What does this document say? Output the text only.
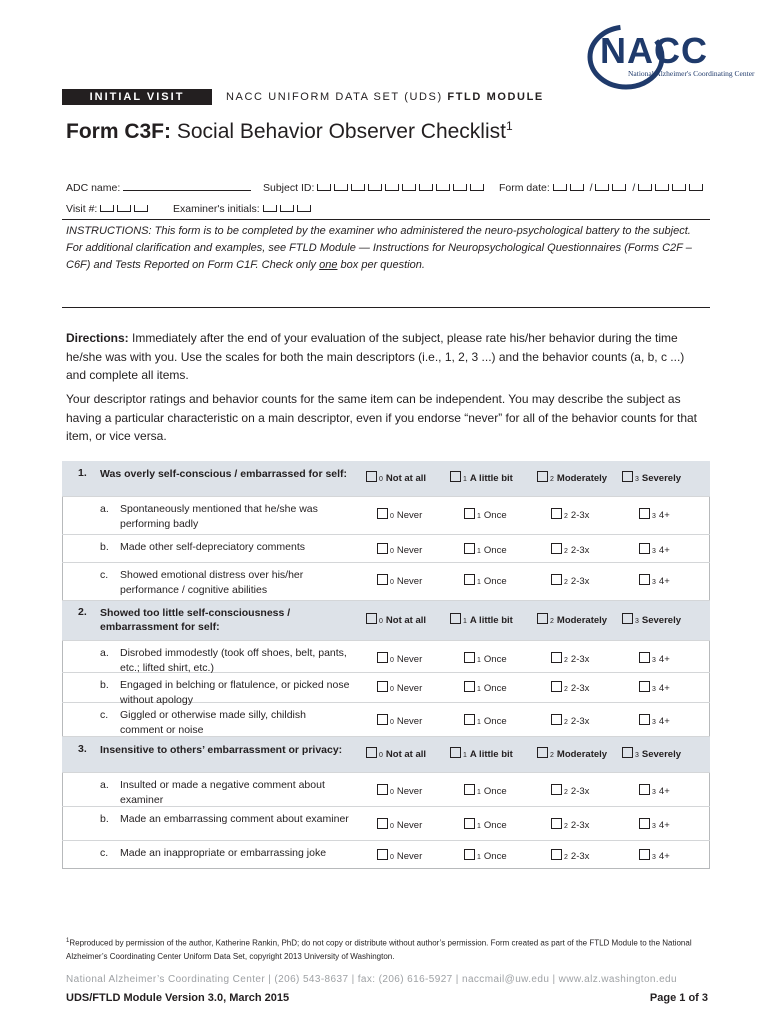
NACC
National Alzheimer's Coordinating Center
INITIAL VISIT PACKET
NACC UNIFORM DATA SET (UDS) FTLD MODULE
Form C3F: Social Behavior Observer Checklist$^1$
ADC name:	Subject ID:	Form date:	/	/
Visit #:	Examiner's initials:
INSTRUCTIONS: This form is to be completed by the examiner who administered the neuro-psychological battery to the subject. For additional clarification and examples, see FTLD Module — Instructions for Neuropsychological Questionnaires (Forms C2F – C6F) and Tests Reported on Form C1F. Check only one box per question.
Directions: Immediately after the end of your evaluation of the subject, please rate his/her behavior during the time he/she was with you. Use the scales for both the main descriptors (i.e., 1, 2, 3 ...) and the behavior counts (a, b, c ...) and complete all items.
Your descriptor ratings and behavior counts for the same item can be independent. You may describe the subject as having a particular characteristic on a main descriptor, even if you endorse “never” for all of the behavior counts for that item, or vice versa.
1. Was overly self-conscious / embarrassed for self:	0 Not at all	1 A little bit	2 Moderately	3 Severely
a. Spontaneously mentioned that he/she was performing badly
0 Never	1 Once	2 2-3x	3 4+
b. Made other self-depreciatory comments	0 Never	1 Once	2 2-3x	3 4+
c. Showed emotional distress over his/her performance / cognitive abilities
0 Never	1 Once	2 2-3x	3 4+
2. Showed too little self-consciousness / embarrassment for self:	0 Not at all	1 A little bit	2 Moderately	3 Severely
a. Disrobed immodestly (took off shoes, belt, pants, etc.; lifted shirt, etc.)
0 Never	1 Once	2 2-3x	3 4+
b. Engaged in belching or flatulence, or picked nose without apology
0 Never	1 Once	2 2-3x	3 4+
c. Giggled or otherwise made silly, childish comment or noise
0 Never	1 Once	2 2-3x	3 4+
3. Insensitive to others’ embarrassment or privacy:	0 Not at all	1 A little bit	2 Moderately	3 Severely
a. Insulted or made a negative comment about examiner
0 Never	1 Once	2 2-3x	3 4+
b. Made an embarrassing comment about examiner
0 Never	1 Once	2 2-3x	3 4+
c. Made an inappropriate or embarrassing joke	0 Never	1 Once	2 2-3x	3 4+
$^1$Reproduced by permission of the author, Katherine Rankin, PhD; do not copy or distribute without author’s permission. Form created as part of the FTLD Module to the National Alzheimer’s Coordinating Center Uniform Data Set, copyright 2013 University of Washington.
National Alzheimer’s Coordinating Center | (206) 543-8637 | fax: (206) 616-5927 | naccmail@uw.edu | www.alz.washington.edu
UDS/FTLD Module Version 3.0, March 2015	Page 1 of 3
